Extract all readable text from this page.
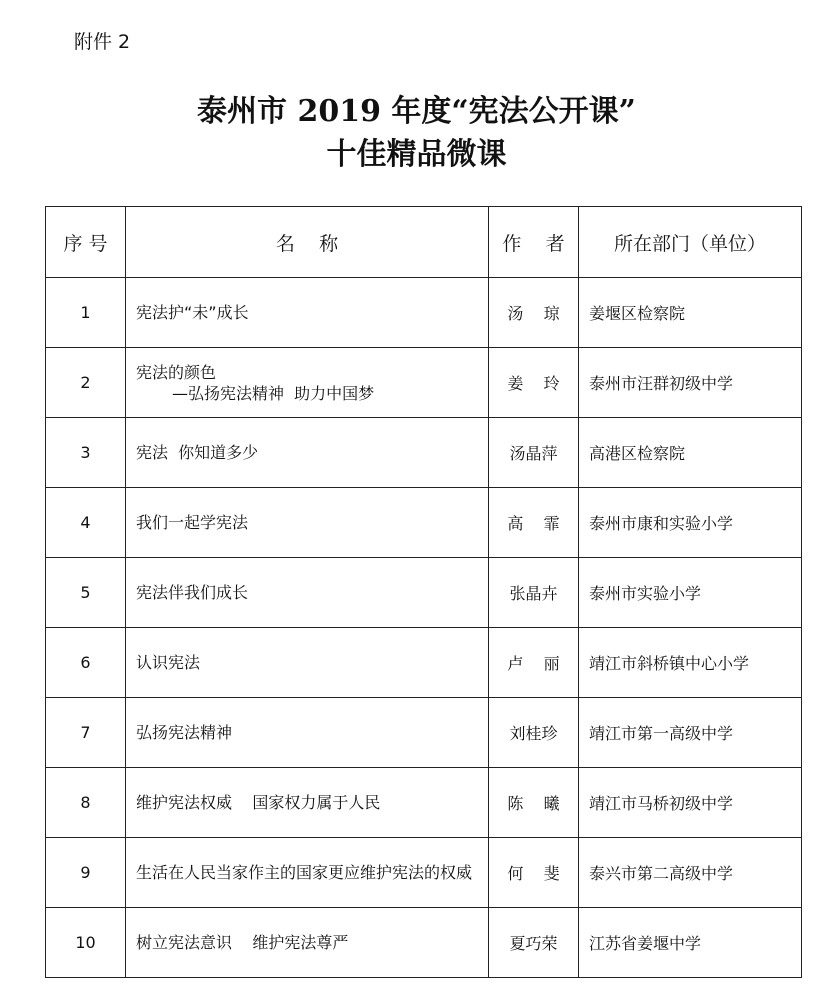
附件 2
泰州市 2019 年度“宪法公开课”
十佳精品微课
序 号	名    称	作    者	所在部门（单位）
1	宪法护“未”成长	汤    琼	姜堰区检察院
2	宪法的颜色
—弘扬宪法精神  助力中国梦	姜    玲	泰州市汪群初级中学
3	宪法  你知道多少	汤晶萍	高港区检察院
4	我们一起学宪法	高    霏	泰州市康和实验小学
5	宪法伴我们成长	张晶卉	泰州市实验小学
6	认识宪法	卢    丽	靖江市斜桥镇中心小学
7	弘扬宪法精神	刘桂珍	靖江市第一高级中学
8	维护宪法权威    国家权力属于人民	陈    曦	靖江市马桥初级中学
9	生活在人民当家作主的国家更应维护宪法的权威	何    斐	泰兴市第二高级中学
10	树立宪法意识    维护宪法尊严	夏巧荣	江苏省姜堰中学
